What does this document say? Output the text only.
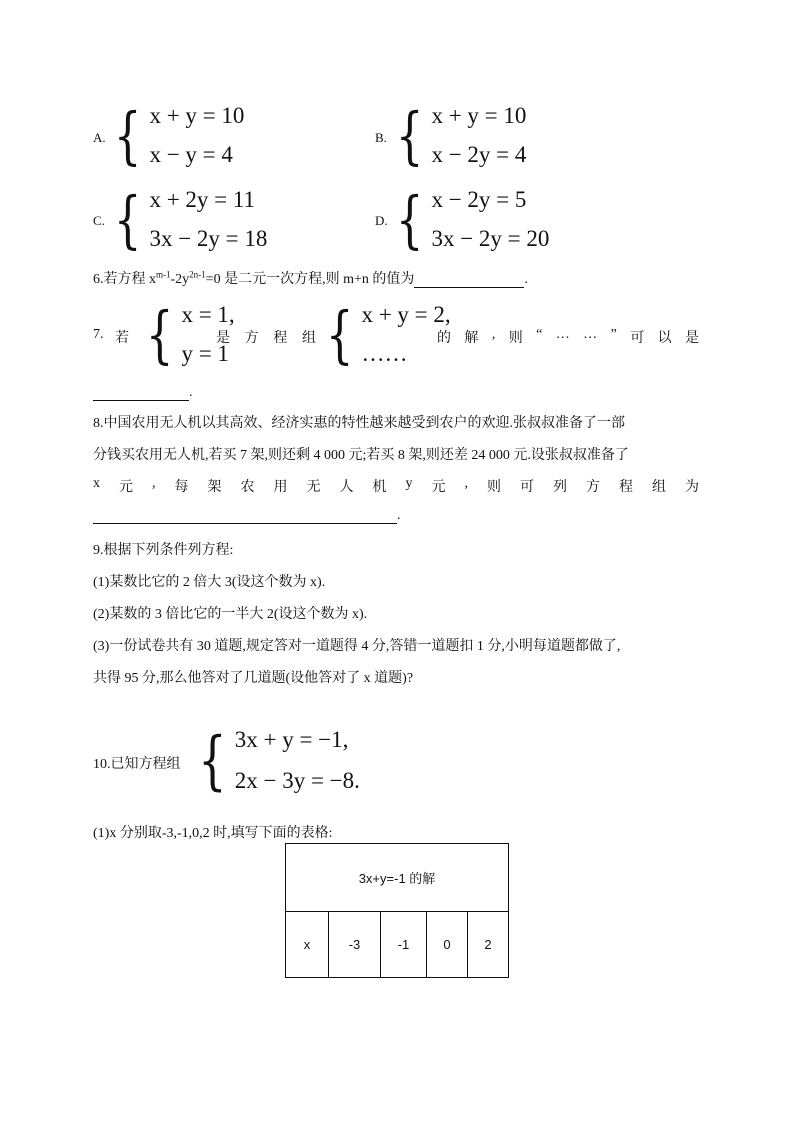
A. { x + y = 10
x − y = 4
B. { x + y = 10
x − 2y = 4
C. { x + 2y = 11
3x − 2y = 18
D. { x − 2y = 5
3x − 2y = 20
6.若方程 $x^{m-1}-2y^{2n-1}=0$ 是二元一次方程,则 m+n 的值为	.
7. 若 { x = 1,
y = 1
是 方 程 组 { x + y = 2,
……
的 解 , 则 “ … … ” 可 以 是
.
8.中国农用无人机以其高效、经济实惠的特性越来越受到农户的欢迎.张叔叔准备了一部
分钱买农用无人机,若买 7 架,则还剩 4 000 元;若买 8 架,则还差 24 000 元.设张叔叔准备了
x 元 , 每 架 农 用 无 人 机 y 元 , 则 可 列 方 程 组 为
.
9.根据下列条件列方程:
(1)某数比它的 2 倍大 3(设这个数为 x).
(2)某数的 3 倍比它的一半大 2(设这个数为 x).
(3)一份试卷共有 30 道题,规定答对一道题得 4 分,答错一道题扣 1 分,小明每道题都做了,
共得 95 分,那么他答对了几道题(设他答对了 x 道题)?
10.已知方程组 { 3x + y = −1,
2x − 3y = −8.
(1)x 分别取-3,-1,0,2 时,填写下面的表格:
3x+y=-1 的解
x	-3	-1	0	2
